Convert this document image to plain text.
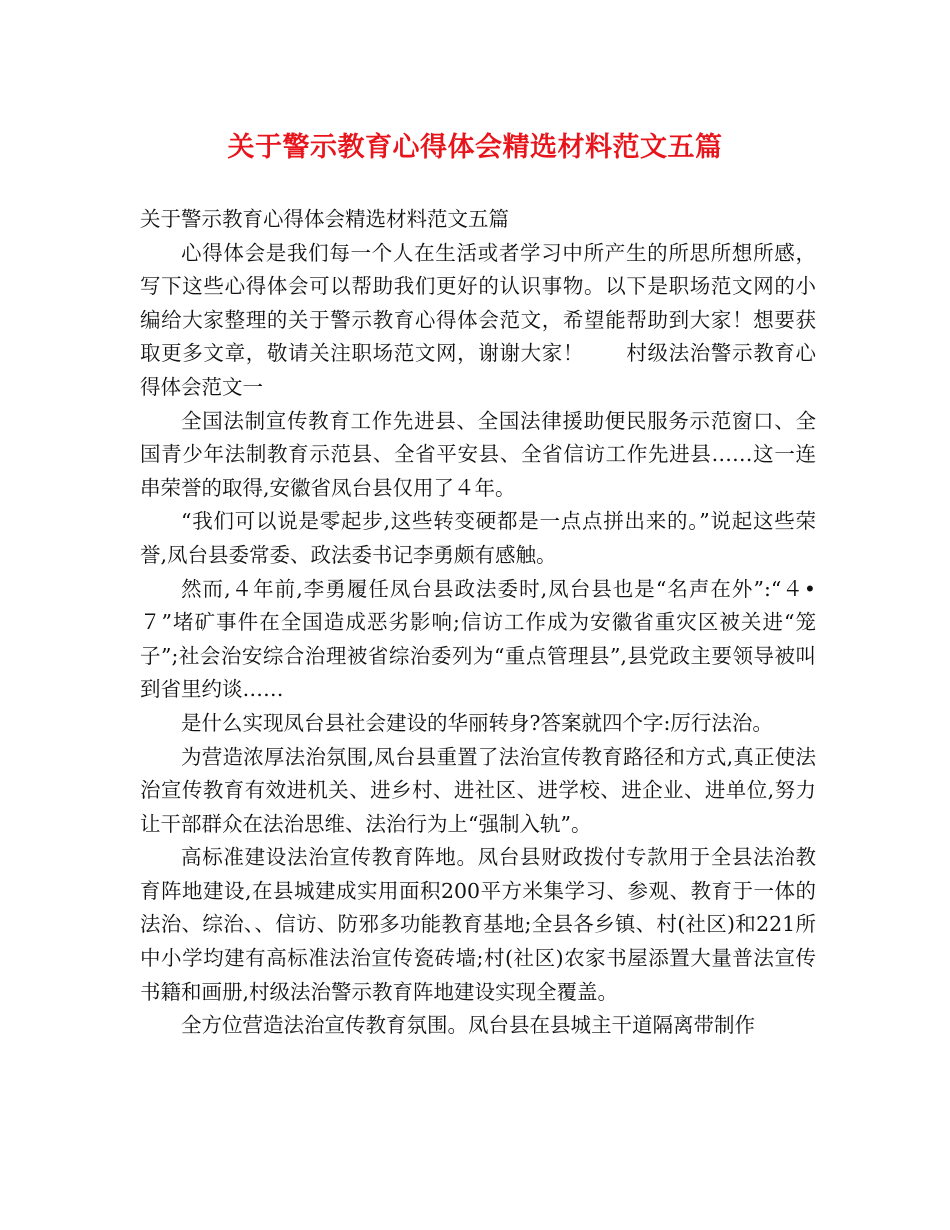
关于警示教育心得体会精选材料范文五篇

关于警示教育心得体会精选材料范文五篇

心得体会是我们每一个人在生活或者学习中所产生的所思所想所感，写下这些心得体会可以帮助我们更好的认识事物。以下是职场范文网的小编给大家整理的关于警示教育心得体会范文，希望能帮助到大家！想要获取更多文章，敬请关注职场范文网，谢谢大家！　　村级法治警示教育心得体会范文一

全国法制宣传教育工作先进县、全国法律援助便民服务示范窗口、全国青少年法制教育示范县、全省平安县、全省信访工作先进县……这一连串荣誉的取得,安徽省凤台县仅用了４年。

“我们可以说是零起步,这些转变硬都是一点点拼出来的。”说起这些荣誉,凤台县委常委、政法委书记李勇颇有感触。

然而,４年前,李勇履任凤台县政法委时,凤台县也是“名声在外”:“４•７”堵矿事件在全国造成恶劣影响;信访工作成为安徽省重灾区被关进“笼子”;社会治安综合治理被省综治委列为“重点管理县”,县党政主要领导被叫到省里约谈……

是什么实现凤台县社会建设的华丽转身?答案就四个字:厉行法治。

为营造浓厚法治氛围,凤台县重置了法治宣传教育路径和方式,真正使法治宣传教育有效进机关、进乡村、进社区、进学校、进企业、进单位,努力让干部群众在法治思维、法治行为上“强制入轨”。

高标准建设法治宣传教育阵地。凤台县财政拨付专款用于全县法治教育阵地建设,在县城建成实用面积200平方米集学习、参观、教育于一体的法治、综治、、信访、防邪多功能教育基地;全县各乡镇、村(社区)和221所中小学均建有高标准法治宣传瓷砖墙;村(社区)农家书屋添置大量普法宣传书籍和画册,村级法治警示教育阵地建设实现全覆盖。

全方位营造法治宣传教育氛围。凤台县在县城主干道隔离带制作
